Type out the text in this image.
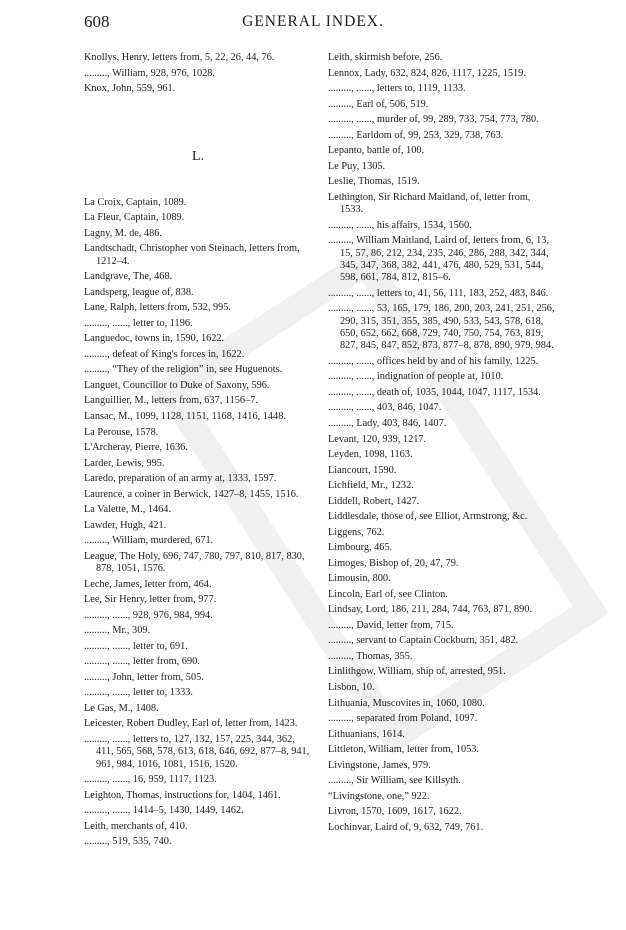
608	GENERAL INDEX.
Knollys, Henry, letters from, 5, 22, 26, 44, 76.
........., William, 928, 976, 1028.
Knox, John, 559, 961.
L.
La Croix, Captain, 1089.
La Fleur, Captain, 1089.
Lagny, M. de, 486.
Landtschadt, Christopher von Steinach, letters from, 1212–4.
Landgrave, The, 468.
Landsperg, league of, 838.
Lane, Ralph, letters from, 532, 995.
........., ......, letter to, 1196.
Languedoc, towns in, 1590, 1622.
........., defeat of King's forces in, 1622.
........., “They of the religion” in, see Huguenots.
Languet, Councillor to Duke of Saxony, 596.
Languillier, M., letters from, 637, 1156–7.
Lansac, M., 1099, 1128, 1151, 1168, 1416, 1448.
La Perouse, 1578.
L'Archeray, Pierre, 1636.
Larder, Lewis, 995.
Laredo, preparation of an army at, 1333, 1597.
Laurence, a coiner in Berwick, 1427–8, 1455, 1516.
La Valette, M., 1464.
Lawder, Hugh, 421.
........., William, murdered, 671.
League, The Holy, 696, 747, 780, 797, 810, 817, 830, 878, 1051, 1576.
Leche, James, letter from, 464.
Lee, Sir Henry, letter from, 977.
........., ......, 928, 976, 984, 994.
........., Mr., 309.
........., ......, letter to, 691.
........., ......, letter from, 690.
........., John, letter from, 505.
........., ......, letter to, 1333.
Le Gas, M., 1408.
Leicester, Robert Dudley, Earl of, letter from, 1423.
........., ......, letters to, 127, 132, 157, 225, 344, 362, 411, 565, 568, 578, 613, 618, 646, 692, 877–8, 941, 961, 984, 1016, 1081, 1516, 1520.
........., ......, 16, 959, 1117, 1123.
Leighton, Thomas, instructions for, 1404, 1461.
........., ......, 1414–5, 1430, 1449, 1462.
Leith, merchants of, 410.
........., 519, 535, 740.
Leith, skirmish before, 256.
Lennox, Lady, 632, 824, 826, 1117, 1225, 1519.
........., ......, letters to, 1119, 1133.
........., Earl of, 506, 519.
........., ......, murder of, 99, 289, 733, 754, 773, 780.
........., Earldom of, 99, 253, 329, 738, 763.
Lepanto, battle of, 100.
Le Puy, 1305.
Leslie, Thomas, 1519.
Lethington, Sir Richard Maitland, of, letter from, 1533.
........., ......, his affairs, 1534, 1560.
........., William Maitland, Laird of, letters from, 6, 13, 15, 57, 86, 212, 234, 235, 246, 286, 288, 342, 344, 345, 347, 368, 382, 441, 476, 480, 529, 531, 544, 598, 661, 784, 812, 815–6.
........., ......, letters to, 41, 56, 111, 183, 252, 483, 846.
........., ......, 53, 165, 179, 186, 200, 203, 241, 251, 256, 290, 315, 351, 355, 385, 490, 533, 543, 578, 618, 650, 652, 662, 668, 729, 740, 750, 754, 763, 819, 827, 845, 847, 852, 873, 877–8, 878, 890, 979, 984.
........., ......, offices held by and of his family, 1225.
........., ......, indignation of people at, 1010.
........., ......, death of, 1035, 1044, 1047, 1117, 1534.
........., ......, 403, 846, 1047.
........., Lady, 403, 846, 1407.
Levant, 120, 939, 1217.
Leyden, 1098, 1163.
Liancourt, 1590.
Lichfield, Mr., 1232.
Liddell, Robert, 1427.
Liddlesdale, those of, see Elliot, Armstrong, &c.
Liggens, 762.
Limbourg, 465.
Limoges, Bishop of, 20, 47, 79.
Limousin, 800.
Lincoln, Earl of, see Clinton.
Lindsay, Lord, 186, 211, 284, 744, 763, 871, 890.
........., David, letter from, 715.
........., servant to Captain Cockburn, 351, 482.
........., Thomas, 355.
Linlithgow, William, ship of, arrested, 951.
Lisbon, 10.
Lithuania, Muscovites in, 1060, 1080.
........., separated from Poland, 1097.
Lithuanians, 1614.
Littleton, William, letter from, 1053.
Livingstone, James, 979.
........., Sir William, see Killsyth.
“Livingstone, one,” 922.
Livron, 1570, 1609, 1617, 1622.
Lochinvar, Laird of, 9, 632, 749, 761.
